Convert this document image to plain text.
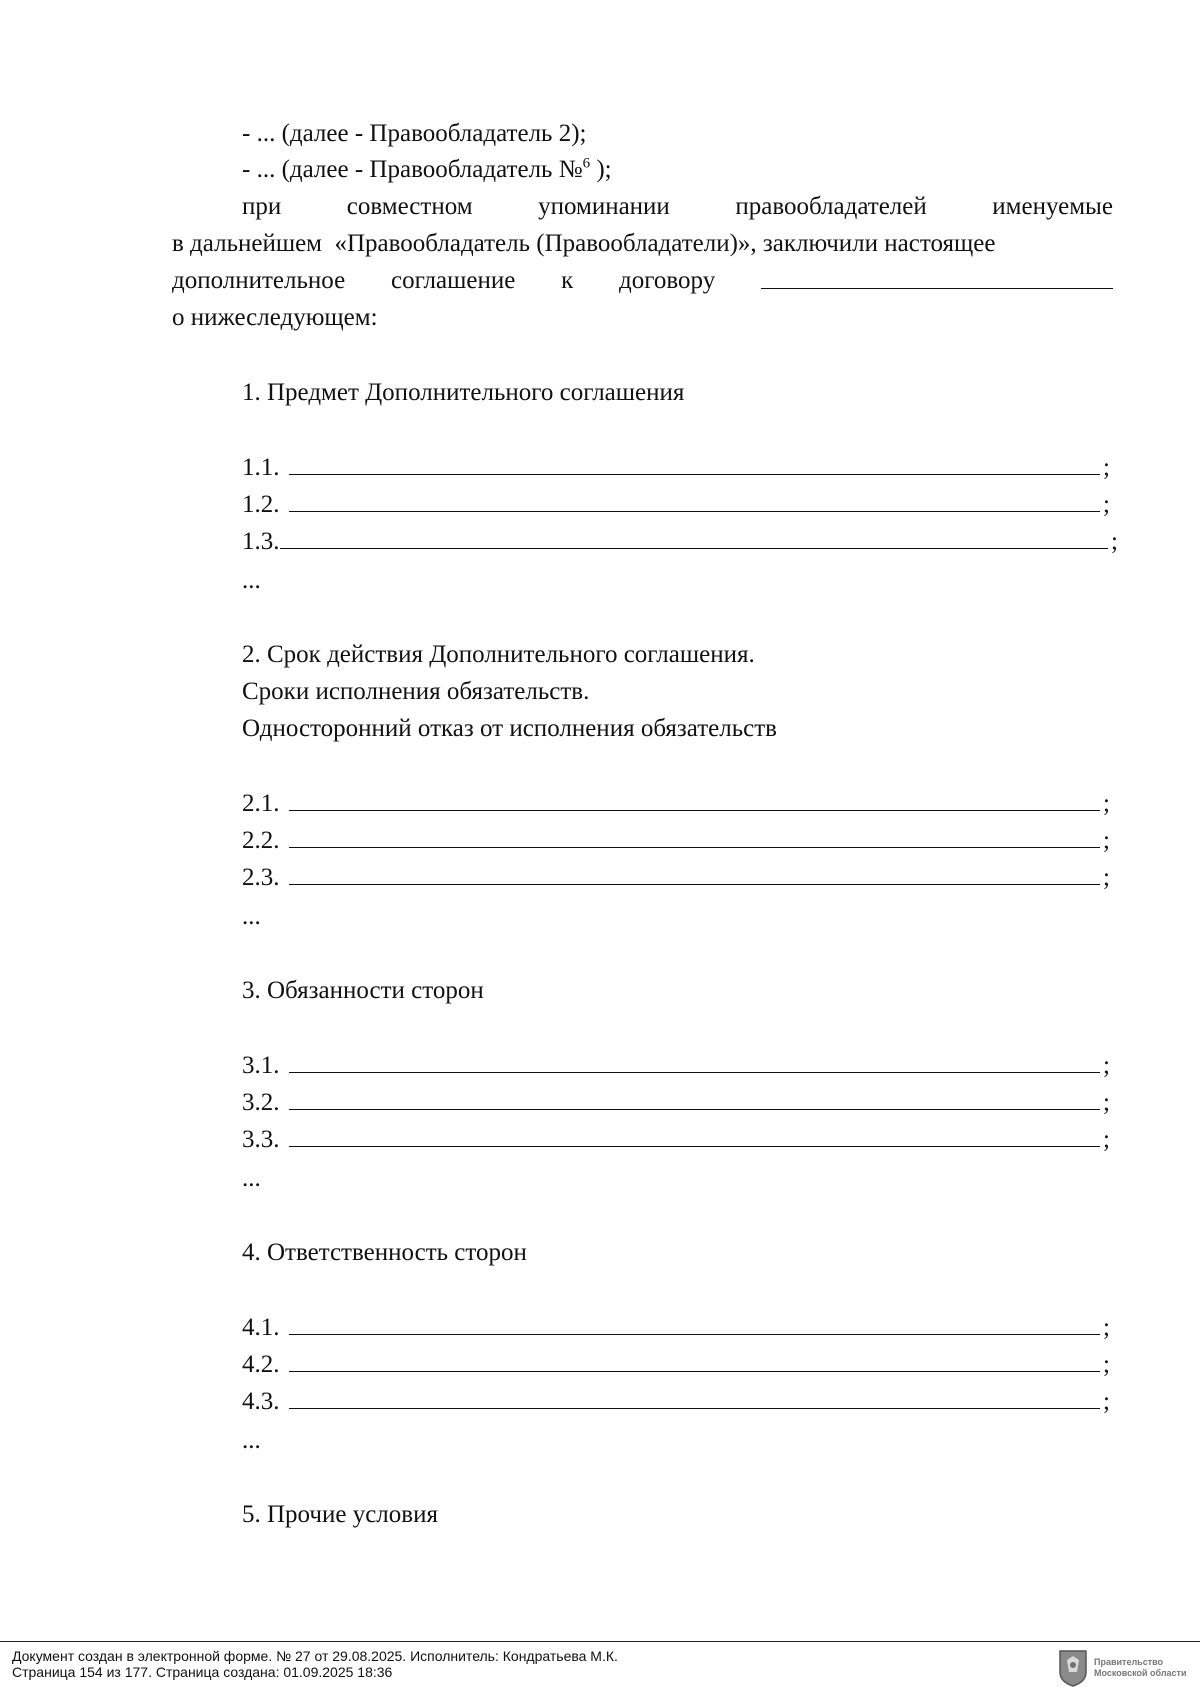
- ... (далее - Правообладатель 2);
- ... (далее - Правообладатель №$^6$ );
при	совместном	упоминании	правообладателей	именуемые
в дальнейшем  «Правообладатель (Правообладатели)», заключили настоящее
дополнительное соглашение к договору
о нижеследующем:
1. Предмет Дополнительного соглашения
1.1.	;
1.2.	;
1.3.	;
...
2. Срок действия Дополнительного соглашения.
Сроки исполнения обязательств.
Односторонний отказ от исполнения обязательств
2.1.	;
2.2.	;
2.3.	;
...
3. Обязанности сторон
3.1.	;
3.2.	;
3.3.	;
...
4. Ответственность сторон
4.1.	;
4.2.	;
4.3.	;
...
5. Прочие условия
Документ создан в электронной форме. № 27 от 29.08.2025. Исполнитель: Кондратьева М.К.
Страница 154 из 177. Страница создана: 01.09.2025 18:36
Правительство
Московской области
